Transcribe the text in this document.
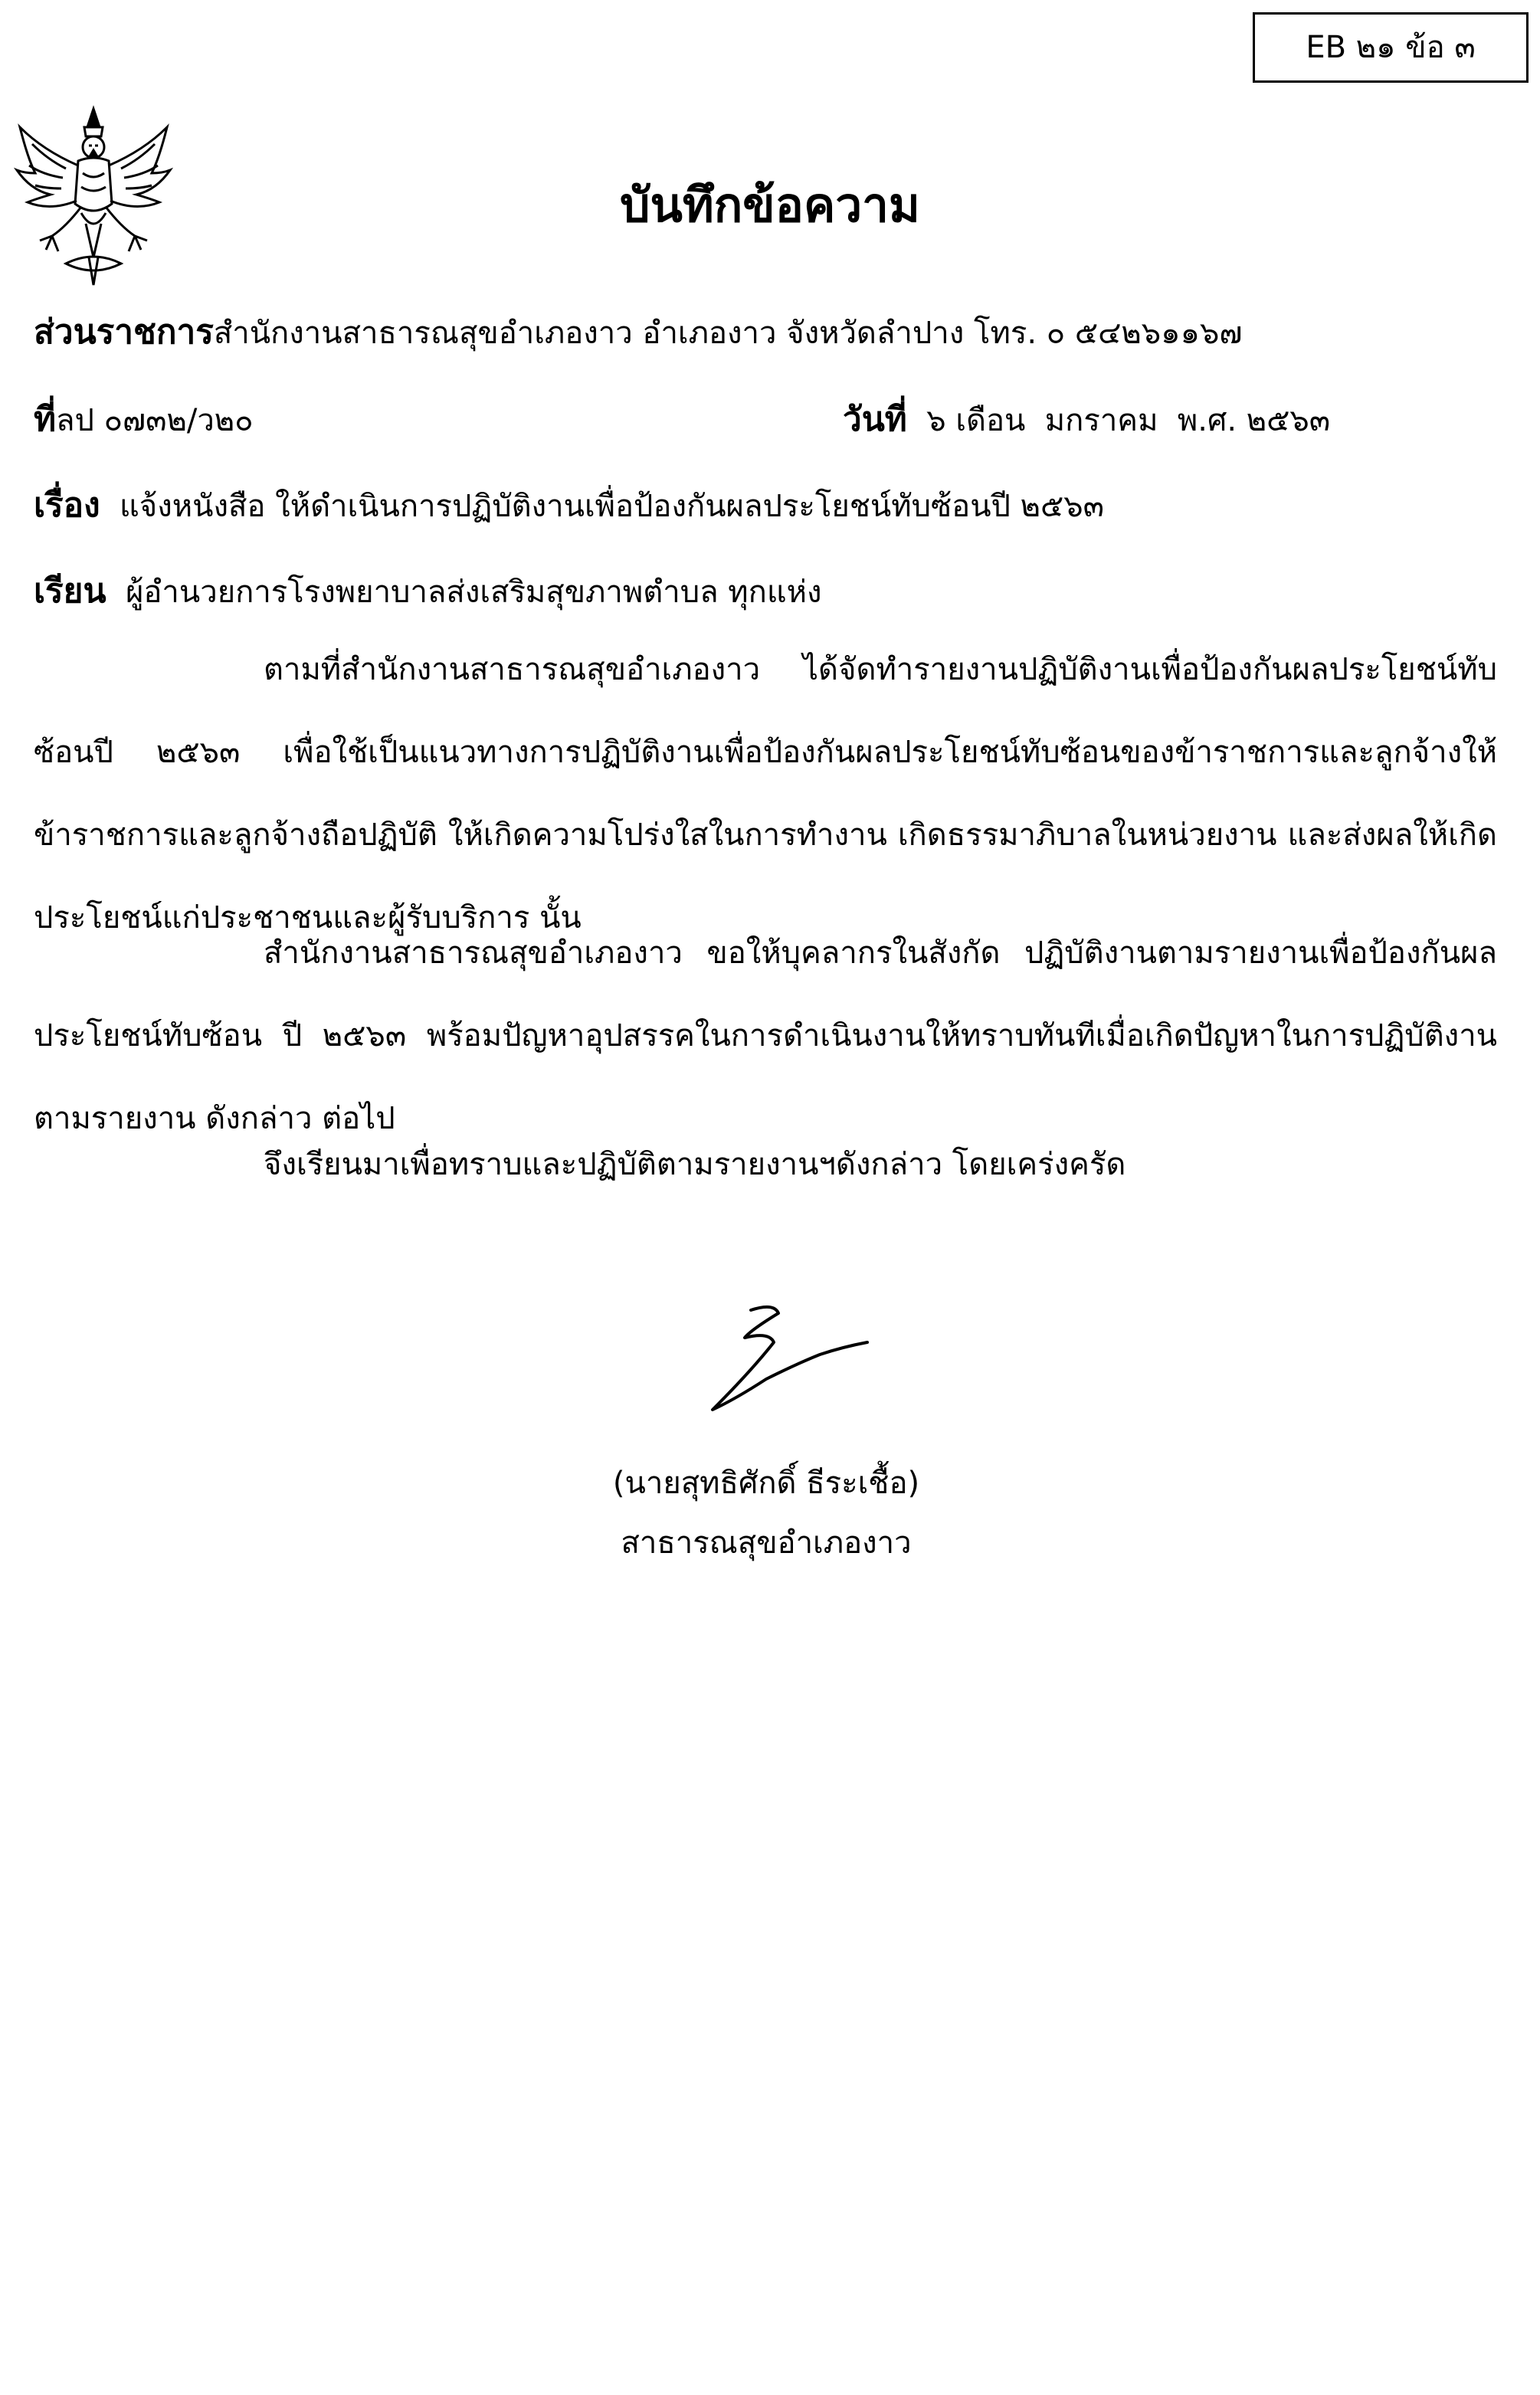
EB ๒๑ ข้อ ๓
บันทึกข้อความ
ส่วนราชการสำนักงานสาธารณสุขอำเภองาว อำเภองาว จังหวัดลำปาง โทร. ๐ ๕๔๒๖๑๑๖๗
ที่ลป ๐๗๓๒/ว๒๐	วันที่  ๖ เดือน  มกราคม  พ.ศ. ๒๕๖๓
เรื่อง  แจ้งหนังสือ ให้ดำเนินการปฏิบัติงานเพื่อป้องกันผลประโยชน์ทับซ้อนปี ๒๕๖๓
เรียน  ผู้อำนวยการโรงพยาบาลส่งเสริมสุขภาพตำบล ทุกแห่ง
ตามที่สำนักงานสาธารณสุขอำเภองาว ได้จัดทำรายงานปฏิบัติงานเพื่อป้องกันผลประโยชน์ทับซ้อนปี ๒๕๖๓ เพื่อใช้เป็นแนวทางการปฏิบัติงานเพื่อป้องกันผลประโยชน์ทับซ้อนของข้าราชการและลูกจ้างให้ข้าราชการและลูกจ้างถือปฏิบัติ ให้เกิดความโปร่งใสในการทำงาน เกิดธรรมาภิบาลในหน่วยงาน และส่งผลให้เกิดประโยชน์แก่ประชาชนและผู้รับบริการ นั้น
สำนักงานสาธารณสุขอำเภองาว ขอให้บุคลากรในสังกัด ปฏิบัติงานตามรายงานเพื่อป้องกันผลประโยชน์ทับซ้อน ปี ๒๕๖๓ พร้อมปัญหาอุปสรรคในการดำเนินงานให้ทราบทันทีเมื่อเกิดปัญหาในการปฏิบัติงานตามรายงาน ดังกล่าว ต่อไป
จึงเรียนมาเพื่อทราบและปฏิบัติตามรายงานฯดังกล่าว โดยเคร่งครัด
(นายสุทธิศักดิ์ ธีระเชื้อ)
สาธารณสุขอำเภองาว
